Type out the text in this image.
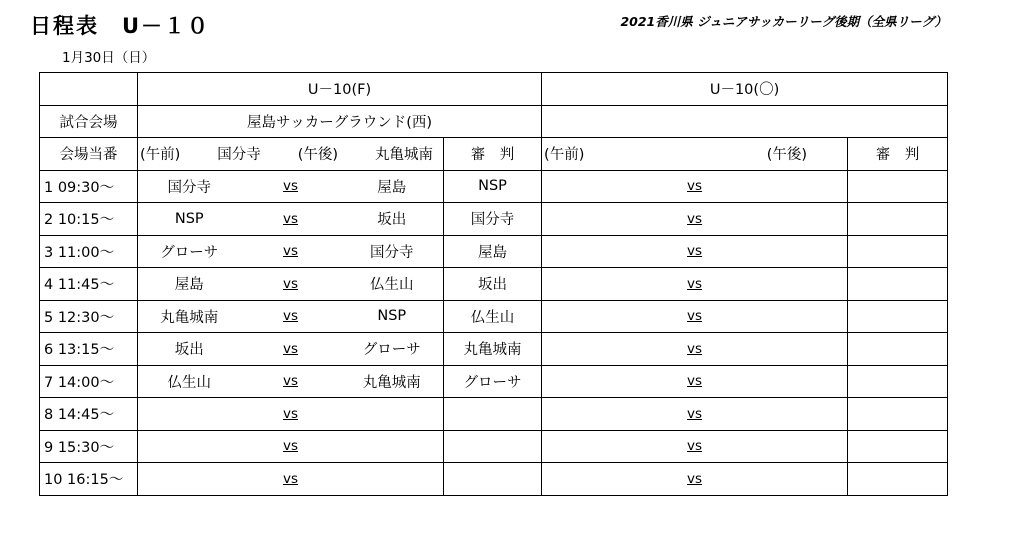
日程表　U－１０	2021香川県 ジュニアサッカーリーグ後期（全県リーグ）
1月30日（日）
	U－10(F)				U－10(〇)	
試合会場	屋島サッカーグラウンド(西)					
会場当番	(午前) 国分寺 (午後) 丸亀城南			審　判	(午前) (午後)	審　判
1 09:30～	国分寺	vs	屋島	NSP	vs	
2 10:15～	NSP	vs	坂出	国分寺	vs	
3 11:00～	グローサ	vs	国分寺	屋島	vs	
4 11:45～	屋島	vs	仏生山	坂出	vs	
5 12:30～	丸亀城南	vs	NSP	仏生山	vs	
6 13:15～	坂出	vs	グローサ	丸亀城南	vs	
7 14:00～	仏生山	vs	丸亀城南	グローサ	vs	
8 14:45～		vs			vs	
9 15:30～		vs			vs	
10 16:15～		vs			vs	
